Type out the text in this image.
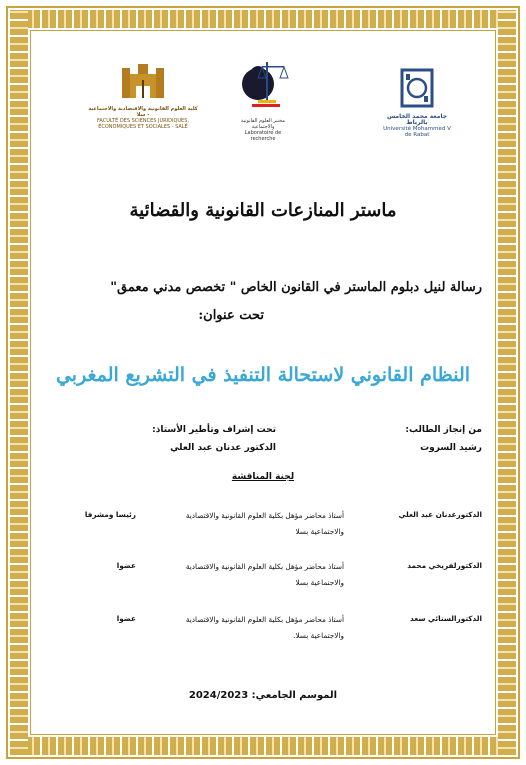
كلية العلوم القانونية والاقتصادية والاجتماعية - سلا
FACULTÉ DES SCIENCES JURIDIQUES, ÉCONOMIQUES ET SOCIALES - SALÉ
مختبر العلوم القانونية والاجتماعية
Laboratoire de recherche
جامعة محمد الخامس بالرباط
Université Mohammed V de Rabat
ماستر المنازعات القانونية والقضائية
رسالة لنيل دبلوم الماستر في القانون الخاص " تخصص مدني معمق"
تحت عنوان:
النظام القانوني لاستحالة التنفيذ في التشريع المغربي
من إنجاز الطالب:
رشيد السروت
تحت إشراف وتأطير الأستاذ:
الدكتور عدنان عبد العلي
لجنة المناقشة
الدكتورعدنان عبد العلي
أستاذ محاضر مؤهل بكلية العلوم القانونية والاقتصادية
والاجتماعية بسلا
رئيسا ومشرفا
الدكتورلفريخي محمد
أستاذ محاضر مؤهل بكلية العلوم القانونية والاقتصادية
والاجتماعية بسلا
عضوا
الدكتورالسنائي سعد
أستاذ محاضر مؤهل بكلية العلوم القانونية والاقتصادية
والاجتماعية بسلا.
عضوا
الموسم الجامعي: 2024/2023
